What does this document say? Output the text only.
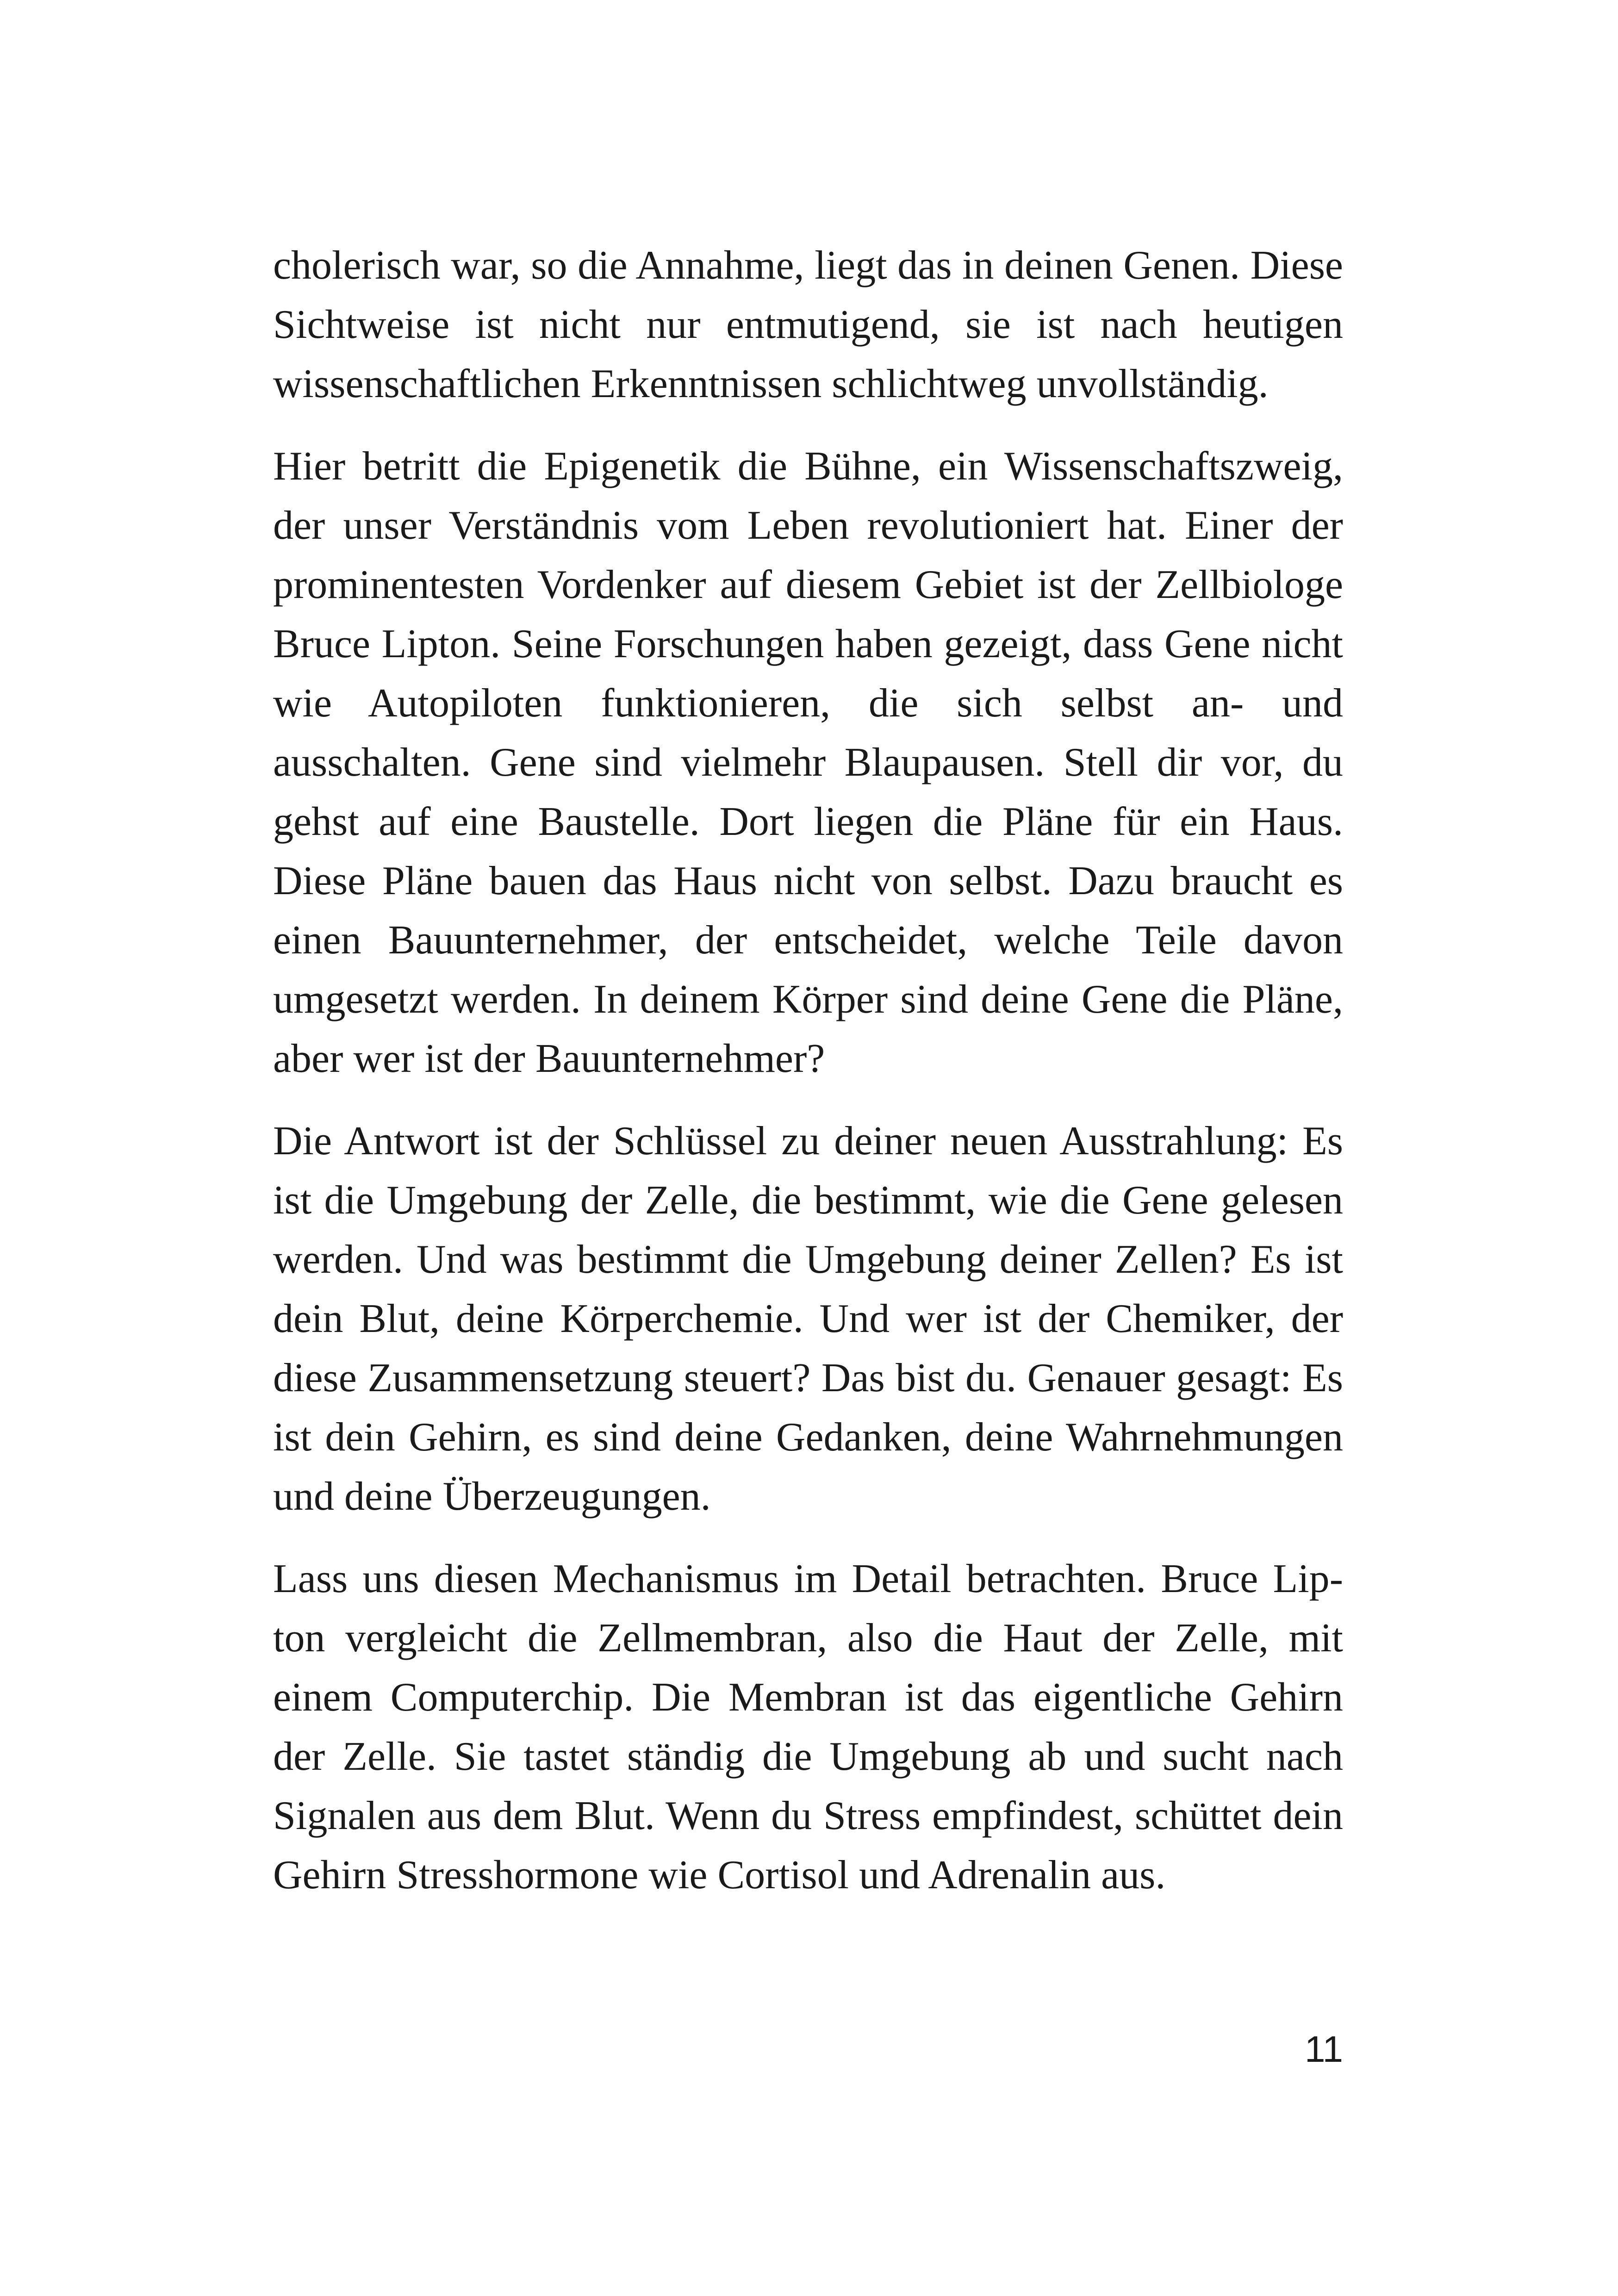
cholerisch war, so die Annahme, liegt das in deinen Genen. Diese Sichtweise ist nicht nur entmutigend, sie ist nach heutigen wissenschaftlichen Erkenntnissen schlichtweg unvollständig.

Hier betritt die Epigenetik die Bühne, ein Wissenschaftszweig, der unser Verständnis vom Leben revolutioniert hat. Einer der prominentesten Vordenker auf diesem Gebiet ist der Zellbiologe Bruce Lipton. Seine Forschungen haben gezeigt, dass Gene nicht wie Autopiloten funktionieren, die sich selbst an- und ausschalten. Gene sind vielmehr Blaupausen. Stell dir vor, du gehst auf eine Baustelle. Dort liegen die Pläne für ein Haus. Diese Pläne bauen das Haus nicht von selbst. Dazu braucht es einen Bauunternehmer, der entscheidet, welche Teile davon umgesetzt werden. In deinem Körper sind deine Gene die Pläne, aber wer ist der Bauunternehmer?

Die Antwort ist der Schlüssel zu deiner neuen Ausstrahlung: Es ist die Umgebung der Zelle, die bestimmt, wie die Gene gelesen werden. Und was bestimmt die Umgebung deiner Zellen? Es ist dein Blut, deine Körperchemie. Und wer ist der Chemiker, der diese Zusammensetzung steuert? Das bist du. Genauer gesagt: Es ist dein Gehirn, es sind deine Gedanken, deine Wahrnehmungen und deine Überzeugungen.

Lass uns diesen Mechanismus im Detail betrachten. Bruce Lipton vergleicht die Zellmembran, also die Haut der Zelle, mit einem Computerchip. Die Membran ist das eigentliche Gehirn der Zelle. Sie tastet ständig die Umgebung ab und sucht nach Signalen aus dem Blut. Wenn du Stress empfindest, schüttet dein Gehirn Stresshormone wie Cortisol und Adrenalin aus.

11
